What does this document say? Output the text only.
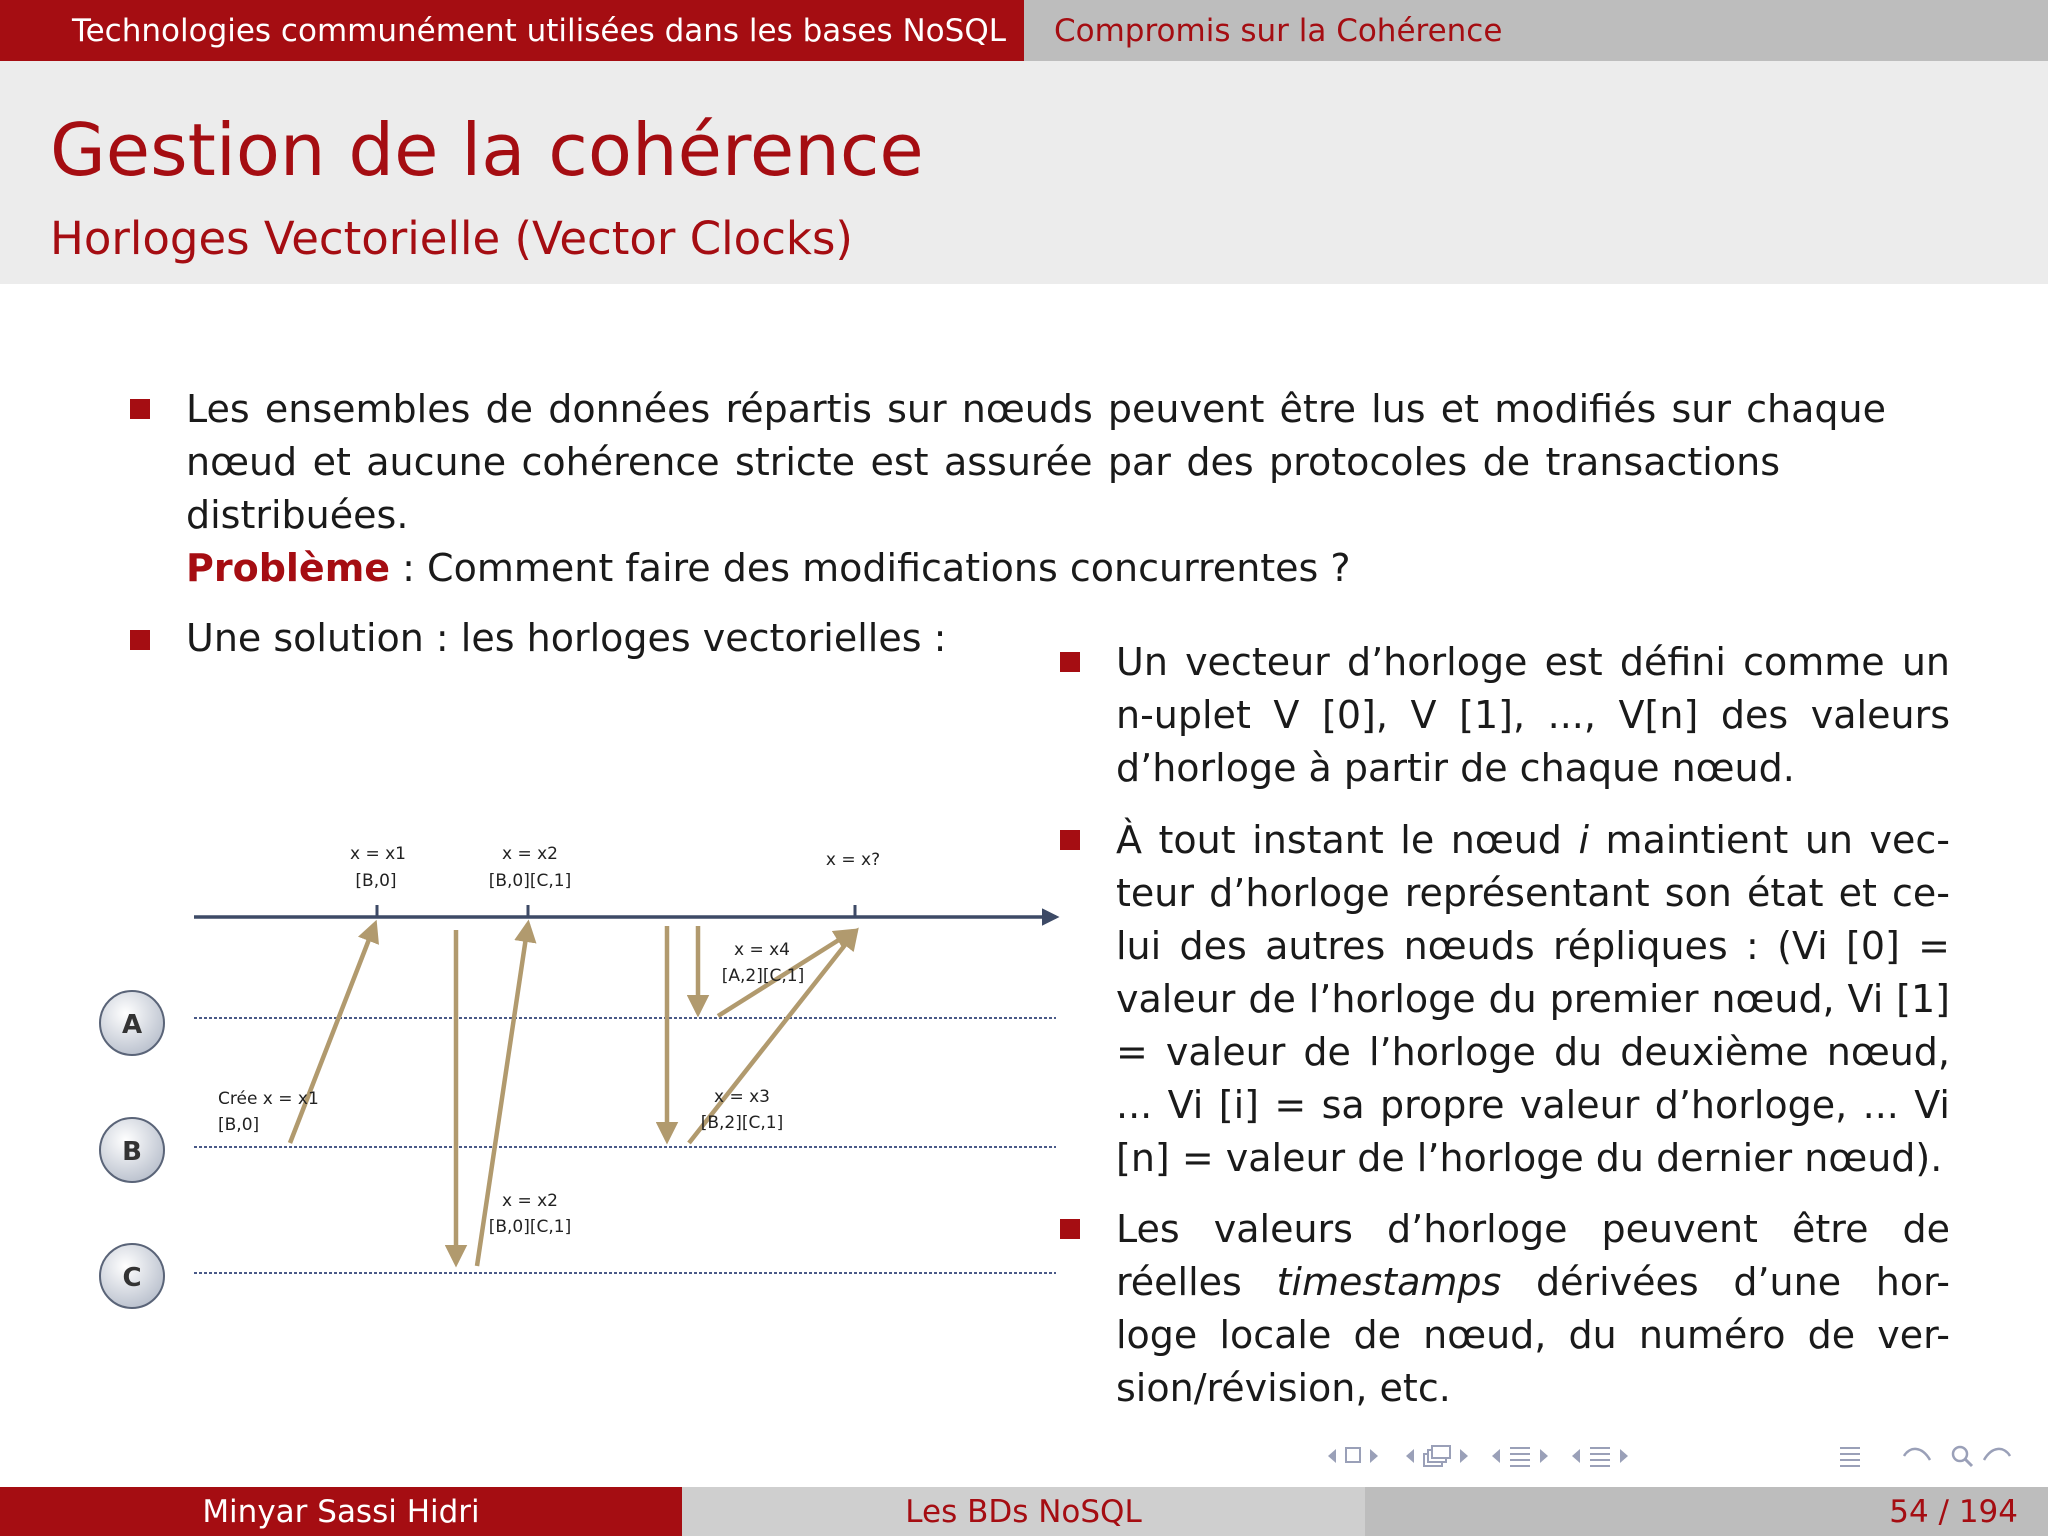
Technologies communément utilisées dans les bases NoSQL	Compromis sur la Cohérence
Gestion de la cohérence
Horloges Vectorielle (Vector Clocks)
Les ensembles de données répartis sur nœuds peuvent être lus et modifiés sur chaque
nœud et aucune cohérence stricte est assurée par des protocoles de transactions
distribuées.
Problème : Comment faire des modifications concurrentes ?
Une solution : les horloges vectorielles :
Un vecteur d’horloge est défini comme un
n-uplet V [0], V [1], ..., V[n] des valeurs
d’horloge à partir de chaque nœud.
À tout instant le nœud i maintient un vec-
teur d’horloge représentant son état et ce-
lui des autres nœuds répliques : (Vi [0] =
valeur de l’horloge du premier nœud, Vi [1]
= valeur de l’horloge du deuxième nœud,
... Vi [i] = sa propre valeur d’horloge, ... Vi
[n] = valeur de l’horloge du dernier nœud).
Les valeurs d’horloge peuvent être de
réelles timestamps dérivées d’une hor-
loge locale de nœud, du numéro de ver-
sion/révision, etc.
A
B
C
x = x1
[B,0]
x = x2
[B,0][C,1]
x = x?
x = x4
[A,2][C,1]
Crée x = x1
[B,0]
x = x3
[B,2][C,1]
x = x2
[B,0][C,1]
Minyar Sassi Hidri	Les BDs NoSQL	54 / 194
